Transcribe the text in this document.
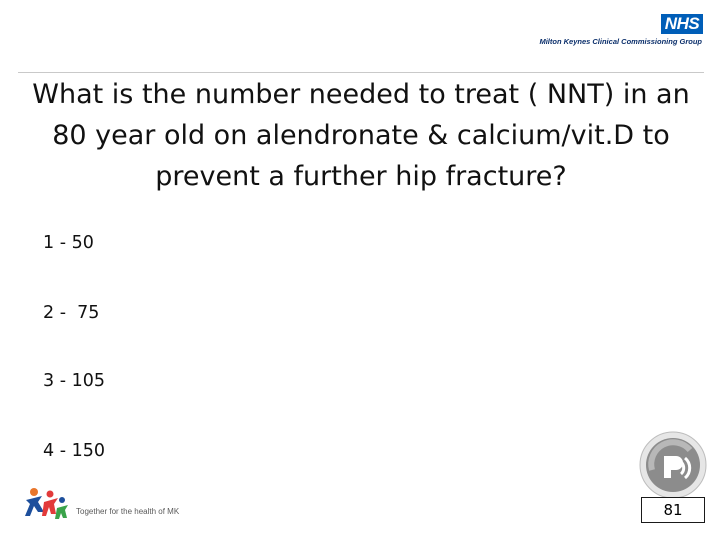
NHS
Milton Keynes Clinical Commissioning Group
What is the number needed to treat ( NNT) in an 80 year old on alendronate & calcium/vit.D to prevent a further hip fracture?
1 - 50
2 -  75
3 - 105
4 - 150
81
Together for the health of MK
